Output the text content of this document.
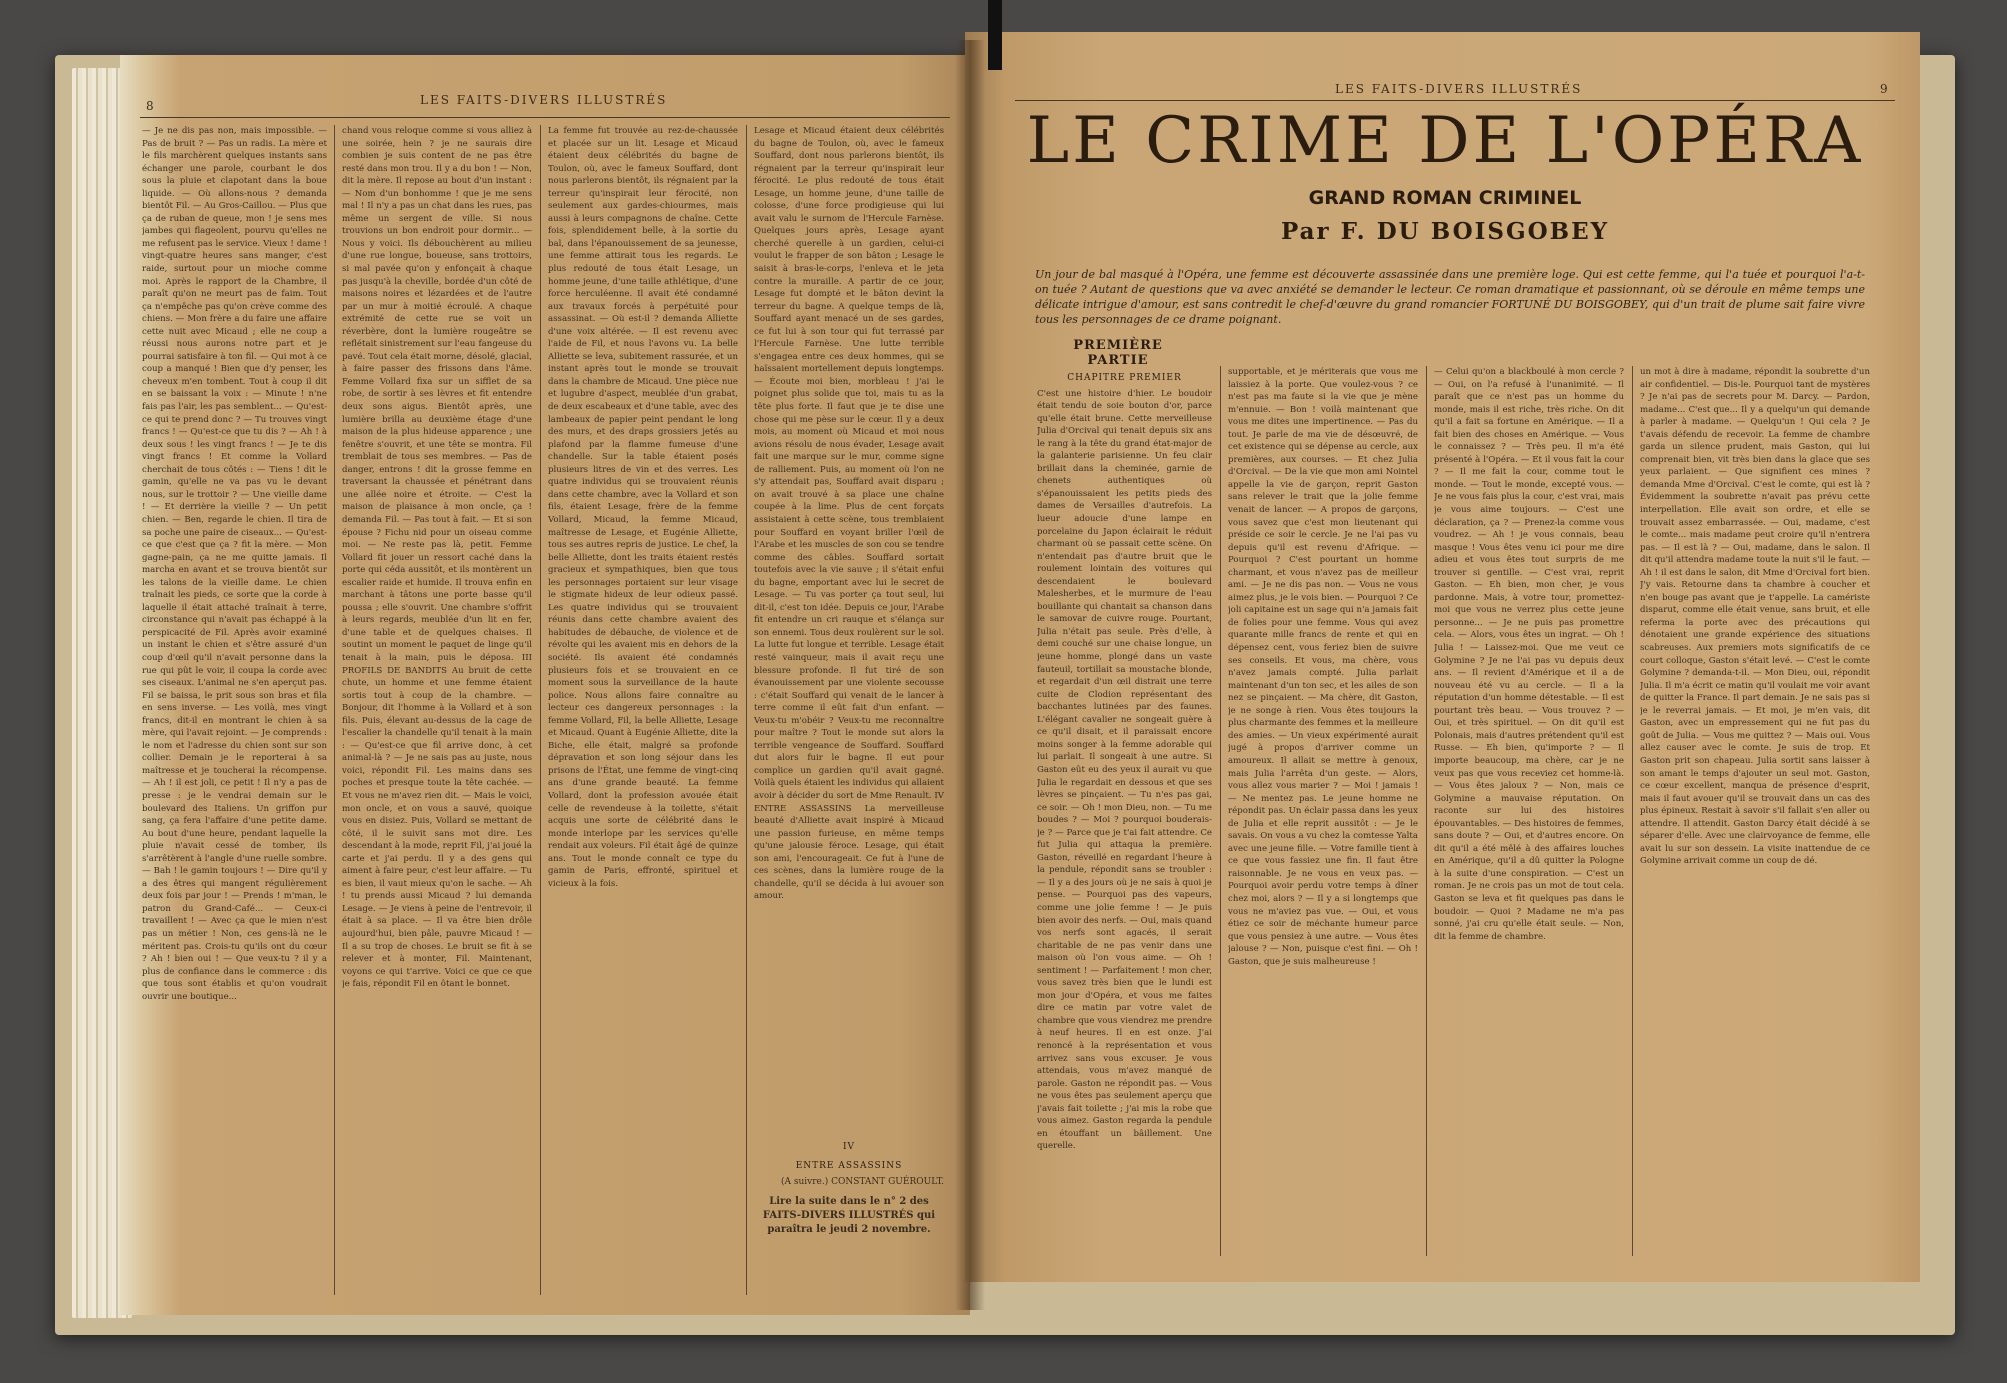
LES FAITS-DIVERS ILLUSTRÉS
8

— Je ne dis pas non, mais impossible. — Pas de bruit ? — Pas un radis. La mère et le fils marchèrent quelques instants sans échanger une parole, courbant le dos sous la pluie et clapotant dans la boue liquide. — Où allons-nous ? demanda bientôt Fil. — Au Gros-Caillou. — Plus que ça de ruban de queue, mon ! je sens mes jambes qui flageolent, pourvu qu'elles ne me refusent pas le service. Vieux ! dame ! vingt-quatre heures sans manger, c'est raide, surtout pour un mioche comme moi. Après le rapport de la Chambre, il paraît qu'on ne meurt pas de faim. Tout ça n'empêche pas qu'on crève comme des chiens. — Mon frère a du faire une affaire cette nuit avec Micaud ; elle ne coup a réussi nous aurons notre part et je pourrai satisfaire à ton fil. — Qui mot à ce coup a manqué ! Bien que d'y penser, les cheveux m'en tombent. Tout à coup il dit en se baissant la voix : — Minute ! n'ne fais pas l'air, les pas semblent... — Qu'est-ce qui te prend donc ? — Tu trouves vingt francs ! — Qu'est-ce que tu dis ? — Ah ! à deux sous ! les vingt francs ! — Je te dis vingt francs ! Et comme la Vollard cherchait de tous côtés : — Tiens ! dit le gamin, qu'elle ne va pas vu le devant nous, sur le trottoir ? — Une vieille dame ! — Et derrière la vieille ? — Un petit chien. — Ben, regarde le chien. Il tira de sa poche une paire de ciseaux... — Qu'est-ce que c'est que ça ? fit la mère. — Mon gagne-pain, ça ne me quitte jamais. Il marcha en avant et se trouva bientôt sur les talons de la vieille dame. Le chien traînait les pieds, ce sorte que la corde à laquelle il était attaché traînait à terre, circonstance qui n'avait pas échappé à la perspicacité de Fil. Après avoir examiné un instant le chien et s'être assuré d'un coup d'œil qu'il n'avait personne dans la rue qui pût le voir, il coupa la corde avec ses ciseaux. L'animal ne s'en aperçut pas. Fil se baissa, le prit sous son bras et fila en sens inverse. — Les voilà, mes vingt francs, dit-il en montrant le chien à sa mère, qui l'avait rejoint. — Je comprends : le nom et l'adresse du chien sont sur son collier. Demain je le reporterai à sa maîtresse et je toucherai la récompense. — Ah ! il est joli, ce petit ! Il n'y a pas de presse : je le vendrai demain sur le boulevard des Italiens. Un griffon pur sang, ça fera l'affaire d'une petite dame. Au bout d'une heure, pendant laquelle la pluie n'avait cessé de tomber, ils s'arrêtèrent à l'angle d'une ruelle sombre. — Bah ! le gamin toujours ! — Dire qu'il y a des êtres qui mangent régulièrement deux fois par jour ! — Prends ! m'man, le patron du Grand-Café... — Ceux-ci travaillent ! — Avec ça que le mien n'est pas un métier ! Non, ces gens-là ne le méritent pas. Crois-tu qu'ils ont du cœur ? Ah ! bien oui ! — Que veux-tu ? il y a plus de confiance dans le commerce : dis que tous sont établis et qu'on voudrait ouvrir une boutique...

chand vous reloque comme si vous alliez à une soirée, hein ? je ne saurais dire combien je suis content de ne pas être resté dans mon trou. Il y a du bon ! — Non, dit la mère. Il repose au bout d'un instant : — Nom d'un bonhomme ! que je me sens mal ! Il n'y a pas un chat dans les rues, pas même un sergent de ville. Si nous trouvions un bon endroit pour dormir... — Nous y voici. Ils débouchèrent au milieu d'une rue longue, boueuse, sans trottoirs, si mal pavée qu'on y enfonçait à chaque pas jusqu'à la cheville, bordée d'un côté de maisons noires et lézardées et de l'autre par un mur à moitié écroulé. A chaque extrémité de cette rue se voit un réverbère, dont la lumière rougeâtre se reflétait sinistrement sur l'eau fangeuse du pavé. Tout cela était morne, désolé, glacial, à faire passer des frissons dans l'âme. Femme Vollard fixa sur un sifflet de sa robe, de sortir à ses lèvres et fit entendre deux sons aigus. Bientôt après, une lumière brilla au deuxième étage d'une maison de la plus hideuse apparence ; une fenêtre s'ouvrit, et une tête se montra. Fil tremblait de tous ses membres. — Pas de danger, entrons ! dit la grosse femme en traversant la chaussée et pénétrant dans une allée noire et étroite. — C'est la maison de plaisance à mon oncle, ça ! demanda Fil. — Pas tout à fait. — Et si son épouse ? Fichu nid pour un oiseau comme moi. — Ne reste pas là, petit. Femme Vollard fit jouer un ressort caché dans la porte qui céda aussitôt, et ils montèrent un escalier raide et humide. Il trouva enfin en marchant à tâtons une porte basse qu'il poussa ; elle s'ouvrit. Une chambre s'offrit à leurs regards, meublée d'un lit en fer, d'une table et de quelques chaises. Il soutint un moment le paquet de linge qu'il tenait à la main, puis le déposa. III PROFILS DE BANDITS Au bruit de cette chute, un homme et une femme étaient sortis tout à coup de la chambre. — Bonjour, dit l'homme à la Vollard et à son fils. Puis, élevant au-dessus de la cage de l'escalier la chandelle qu'il tenait à la main : — Qu'est-ce que fil arrive donc, à cet animal-là ? — Je ne sais pas au juste, nous voici, répondit Fil. Les mains dans ses poches et presque toute la tête cachée. — Et vous ne m'avez rien dit. — Mais le voici, mon oncle, et on vous a sauvé, quoique vous en disiez. Puis, Vollard se mettant de côté, il le suivit sans mot dire. Les descendant à la mode, reprit Fil, j'ai joué la carte et j'ai perdu. Il y a des gens qui aiment à faire peur, c'est leur affaire. — Tu es bien, il vaut mieux qu'on le sache. — Ah ! tu prends aussi Micaud ? lui demanda Lesage. — Je viens à peine de l'entrevoir, il était à sa place. — Il va être bien drôle aujourd'hui, bien pâle, pauvre Micaud ! — Il a su trop de choses. Le bruit se fit à se relever et à monter, Fil. Maintenant, voyons ce qui t'arrive. Voici ce que ce que je fais, répondit Fil en ôtant le bonnet.

La femme fut trouvée au rez-de-chaussée et placée sur un lit. Lesage et Micaud étaient deux célébrités du bagne de Toulon, où, avec le fameux Souffard, dont nous parlerons bientôt, ils régnaient par la terreur qu'inspirait leur férocité, non seulement aux gardes-chiourmes, mais aussi à leurs compagnons de chaîne. Cette fois, splendidement belle, à la sortie du bal, dans l'épanouissement de sa jeunesse, une femme attirait tous les regards. Le plus redouté de tous était Lesage, un homme jeune, d'une taille athlétique, d'une force herculéenne. Il avait été condamné aux travaux forcés à perpétuité pour assassinat. — Où est-il ? demanda Alliette d'une voix altérée. — Il est revenu avec l'aide de Fil, et nous l'avons vu. La belle Alliette se leva, subitement rassurée, et un instant après tout le monde se trouvait dans la chambre de Micaud. Une pièce nue et lugubre d'aspect, meublée d'un grabat, de deux escabeaux et d'une table, avec des lambeaux de papier peint pendant le long des murs, et des draps grossiers jetés au plafond par la flamme fumeuse d'une chandelle. Sur la table étaient posés plusieurs litres de vin et des verres. Les quatre individus qui se trouvaient réunis dans cette chambre, avec la Vollard et son fils, étaient Lesage, frère de la femme Vollard, Micaud, la femme Micaud, maîtresse de Lesage, et Eugénie Alliette, tous ses autres repris de justice. Le chef, la belle Alliette, dont les traits étaient restés gracieux et sympathiques, bien que tous les personnages portaient sur leur visage le stigmate hideux de leur odieux passé. Les quatre individus qui se trouvaient réunis dans cette chambre avaient des habitudes de débauche, de violence et de révolte qui les avaient mis en dehors de la société. Ils avaient été condamnés plusieurs fois et se trouvaient en ce moment sous la surveillance de la haute police. Nous allons faire connaître au lecteur ces dangereux personnages : la femme Vollard, Fil, la belle Alliette, Lesage et Micaud. Quant à Eugénie Alliette, dite la Biche, elle était, malgré sa profonde dépravation et son long séjour dans les prisons de l'État, une femme de vingt-cinq ans d'une grande beauté. La femme Vollard, dont la profession avouée était celle de revendeuse à la toilette, s'était acquis une sorte de célébrité dans le monde interlope par les services qu'elle rendait aux voleurs. Fil était âgé de quinze ans. Tout le monde connaît ce type du gamin de Paris, effronté, spirituel et vicieux à la fois.

Lesage et Micaud étaient deux célébrités du bagne de Toulon, où, avec le fameux Souffard, dont nous parlerons bientôt, ils régnaient par la terreur qu'inspirait leur férocité. Le plus redouté de tous était Lesage, un homme jeune, d'une taille de colosse, d'une force prodigieuse qui lui avait valu le surnom de l'Hercule Farnèse. Quelques jours après, Lesage ayant cherché querelle à un gardien, celui-ci voulut le frapper de son bâton ; Lesage le saisit à bras-le-corps, l'enleva et le jeta contre la muraille. A partir de ce jour, Lesage fut dompté et le bâton devint la terreur du bagne. A quelque temps de là, Souffard ayant menacé un de ses gardes, ce fut lui à son tour qui fut terrassé par l'Hercule Farnèse. Une lutte terrible s'engagea entre ces deux hommes, qui se haïssaient mortellement depuis longtemps. — Écoute moi bien, morbleau ! j'ai le poignet plus solide que toi, mais tu as la tête plus forte. Il faut que je te dise une chose qui me pèse sur le cœur. Il y a deux mois, au moment où Micaud et moi nous avions résolu de nous évader, Lesage avait fait une marque sur le mur, comme signe de ralliement. Puis, au moment où l'on ne s'y attendait pas, Souffard avait disparu ; on avait trouvé à sa place une chaîne coupée à la lime. Plus de cent forçats assistaient à cette scène, tous tremblaient pour Souffard en voyant briller l'œil de l'Arabe et les muscles de son cou se tendre comme des câbles. Souffard sortait toutefois avec la vie sauve ; il s'était enfui du bagne, emportant avec lui le secret de Lesage. — Tu vas porter ça tout seul, lui dit-il, c'est ton idée. Depuis ce jour, l'Arabe fit entendre un cri rauque et s'élança sur son ennemi. Tous deux roulèrent sur le sol. La lutte fut longue et terrible. Lesage était resté vainqueur, mais il avait reçu une blessure profonde. Il fut tiré de son évanouissement par une violente secousse : c'était Souffard qui venait de le lancer à terre comme il eût fait d'un enfant. — Veux-tu m'obéir ? Veux-tu me reconnaître pour maître ? Tout le monde sut alors la terrible vengeance de Souffard. Souffard dut alors fuir le bagne. Il eut pour complice un gardien qu'il avait gagné. Voilà quels étaient les individus qui allaient avoir à décider du sort de Mme Renault. IV ENTRE ASSASSINS La merveilleuse beauté d'Alliette avait inspiré à Micaud une passion furieuse, en même temps qu'une jalousie féroce. Lesage, qui était son ami, l'encourageait. Ce fut à l'une de ces scènes, dans la lumière rouge de la chandelle, qu'il se décida à lui avouer son amour.

IV
ENTRE ASSASSINS
(A suivre.) CONSTANT GUÉROULT.
Lire la suite dans le n° 2 des FAITS-DIVERS ILLUSTRÉS qui paraîtra le jeudi 2 novembre.
LES FAITS-DIVERS ILLUSTRÉS	9
LE CRIME DE L'OPÉRA
GRAND ROMAN CRIMINEL
Par F. DU BOISGOBEY
Un jour de bal masqué à l'Opéra, une femme est découverte assassinée dans une première loge. Qui est cette femme, qui l'a tuée et pourquoi l'a-t-on tuée ? Autant de questions que va avec anxiété se demander le lecteur. Ce roman dramatique et passionnant, où se déroule en même temps une délicate intrigue d'amour, est sans contredit le chef-d'œuvre du grand romancier FORTUNÉ DU BOISGOBEY, qui d'un trait de plume sait faire vivre tous les personnages de ce drame poignant.
PREMIÈRE PARTIE
CHAPITRE PREMIER

C'est une histoire d'hier. Le boudoir était tendu de soie bouton d'or, parce qu'elle était brune. Cette merveilleuse Julia d'Orcival qui tenait depuis six ans le rang à la tête du grand état-major de la galanterie parisienne. Un feu clair brillait dans la cheminée, garnie de chenets authentiques où s'épanouissaient les petits pieds des dames de Versailles d'autrefois. La lueur adoucie d'une lampe en porcelaine du Japon éclairait le réduit charmant où se passait cette scène. On n'entendait pas d'autre bruit que le roulement lointain des voitures qui descendaient le boulevard Malesherbes, et le murmure de l'eau bouillante qui chantait sa chanson dans le samovar de cuivre rouge. Pourtant, Julia n'était pas seule. Près d'elle, à demi couché sur une chaise longue, un jeune homme, plongé dans un vaste fauteuil, tortillait sa moustache blonde, et regardait d'un œil distrait une terre cuite de Clodion représentant des bacchantes lutinées par des faunes. L'élégant cavalier ne songeait guère à ce qu'il disait, et il paraissait encore moins songer à la femme adorable qui lui parlait. Il songeait à une autre. Si Gaston eût eu des yeux il aurait vu que Julia le regardait en dessous et que ses lèvres se pinçaient. — Tu n'es pas gai, ce soir. — Oh ! mon Dieu, non. — Tu me boudes ? — Moi ? pourquoi bouderais-je ? — Parce que je t'ai fait attendre. Ce fut Julia qui attaqua la première. Gaston, réveillé en regardant l'heure à la pendule, répondit sans se troubler : — Il y a des jours où je ne sais à quoi je pense. — Pourquoi pas des vapeurs, comme une jolie femme ! — Je puis bien avoir des nerfs. — Oui, mais quand vos nerfs sont agacés, il serait charitable de ne pas venir dans une maison où l'on vous aime. — Oh ! sentiment ! — Parfaitement ! mon cher, vous savez très bien que le lundi est mon jour d'Opéra, et vous me faites dire ce matin par votre valet de chambre que vous viendrez me prendre à neuf heures. Il en est onze. J'ai renoncé à la représentation et vous arrivez sans vous excuser. Je vous attendais, vous m'avez manqué de parole. Gaston ne répondit pas. — Vous ne vous êtes pas seulement aperçu que j'avais fait toilette ; j'ai mis la robe que vous aimez. Gaston regarda la pendule en étouffant un bâillement. Une querelle.

supportable, et je mériterais que vous me laissiez à la porte. Que voulez-vous ? ce n'est pas ma faute si la vie que je mène m'ennuie. — Bon ! voilà maintenant que vous me dites une impertinence. — Pas du tout. Je parle de ma vie de désœuvré, de cet existence qui se dépense au cercle, aux premières, aux courses. — Et chez Julia d'Orcival. — De la vie que mon ami Nointel appelle la vie de garçon, reprit Gaston sans relever le trait que la jolie femme venait de lancer. — A propos de garçons, vous savez que c'est mon lieutenant qui préside ce soir le cercle. Je ne l'ai pas vu depuis qu'il est revenu d'Afrique. — Pourquoi ? C'est pourtant un homme charmant, et vous n'avez pas de meilleur ami. — Je ne dis pas non. — Vous ne vous aimez plus, je le vois bien. — Pourquoi ? Ce joli capitaine est un sage qui n'a jamais fait de folies pour une femme. Vous qui avez quarante mille francs de rente et qui en dépensez cent, vous feriez bien de suivre ses conseils. Et vous, ma chère, vous n'avez jamais compté. Julia parlait maintenant d'un ton sec, et les ailes de son nez se pinçaient. — Ma chère, dit Gaston, je ne songe à rien. Vous êtes toujours la plus charmante des femmes et la meilleure des amies. — Un vieux expérimenté aurait jugé à propos d'arriver comme un amoureux. Il allait se mettre à genoux, mais Julia l'arrêta d'un geste. — Alors, vous allez vous marier ? — Moi ! jamais ! — Ne mentez pas. Le jeune homme ne répondit pas. Un éclair passa dans les yeux de Julia et elle reprit aussitôt : — Je le savais. On vous a vu chez la comtesse Yalta avec une jeune fille. — Votre famille tient à ce que vous fassiez une fin. Il faut être raisonnable. Je ne vous en veux pas. — Pourquoi avoir perdu votre temps à dîner chez moi, alors ? — Il y a si longtemps que vous ne m'aviez pas vue. — Oui, et vous étiez ce soir de méchante humeur parce que vous pensiez à une autre. — Vous êtes jalouse ? — Non, puisque c'est fini. — Oh ! Gaston, que je suis malheureuse !

— Celui qu'on a blackboulé à mon cercle ? — Oui, on l'a refusé à l'unanimité. — Il paraît que ce n'est pas un homme du monde, mais il est riche, très riche. On dit qu'il a fait sa fortune en Amérique. — Il a fait bien des choses en Amérique. — Vous le connaissez ? — Très peu. Il m'a été présenté à l'Opéra. — Et il vous fait la cour ? — Il me fait la cour, comme tout le monde. — Tout le monde, excepté vous. — Je ne vous fais plus la cour, c'est vrai, mais je vous aime toujours. — C'est une déclaration, ça ? — Prenez-la comme vous voudrez. — Ah ! je vous connais, beau masque ! Vous êtes venu ici pour me dire adieu et vous êtes tout surpris de me trouver si gentille. — C'est vrai, reprit Gaston. — Eh bien, mon cher, je vous pardonne. Mais, à votre tour, promettez-moi que vous ne verrez plus cette jeune personne... — Je ne puis pas promettre cela. — Alors, vous êtes un ingrat. — Oh ! Julia ! — Laissez-moi. Que me veut ce Golymine ? Je ne l'ai pas vu depuis deux ans. — Il revient d'Amérique et il a de nouveau été vu au cercle. — Il a la réputation d'un homme détestable. — Il est pourtant très beau. — Vous trouvez ? — Oui, et très spirituel. — On dit qu'il est Polonais, mais d'autres prétendent qu'il est Russe. — Eh bien, qu'importe ? — Il importe beaucoup, ma chère, car je ne veux pas que vous receviez cet homme-là. — Vous êtes jaloux ? — Non, mais ce Golymine a mauvaise réputation. On raconte sur lui des histoires épouvantables. — Des histoires de femmes, sans doute ? — Oui, et d'autres encore. On dit qu'il a été mêlé à des affaires louches en Amérique, qu'il a dû quitter la Pologne à la suite d'une conspiration. — C'est un roman. Je ne crois pas un mot de tout cela. Gaston se leva et fit quelques pas dans le boudoir. — Quoi ? Madame ne m'a pas sonné, j'ai cru qu'elle était seule. — Non, dit la femme de chambre.

un mot à dire à madame, répondit la soubrette d'un air confidentiel. — Dis-le. Pourquoi tant de mystères ? Je n'ai pas de secrets pour M. Darcy. — Pardon, madame... C'est que... Il y a quelqu'un qui demande à parler à madame. — Quelqu'un ! Qui cela ? Je t'avais défendu de recevoir. La femme de chambre garda un silence prudent, mais Gaston, qui lui comprenait bien, vit très bien dans la glace que ses yeux parlaient. — Que signifient ces mines ? demanda Mme d'Orcival. C'est le comte, qui est là ? Évidemment la soubrette n'avait pas prévu cette interpellation. Elle avait son ordre, et elle se trouvait assez embarrassée. — Oui, madame, c'est le comte... mais madame peut croire qu'il n'entrera pas. — Il est là ? — Oui, madame, dans le salon. Il dit qu'il attendra madame toute la nuit s'il le faut. — Ah ! il est dans le salon, dit Mme d'Orcival fort bien. J'y vais. Retourne dans ta chambre à coucher et n'en bouge pas avant que je t'appelle. La camériste disparut, comme elle était venue, sans bruit, et elle referma la porte avec des précautions qui dénotaient une grande expérience des situations scabreuses. Aux premiers mots significatifs de ce court colloque, Gaston s'était levé. — C'est le comte Golymine ? demanda-t-il. — Mon Dieu, oui, répondit Julia. Il m'a écrit ce matin qu'il voulait me voir avant de quitter la France. Il part demain. Je ne sais pas si je le reverrai jamais. — Et moi, je m'en vais, dit Gaston, avec un empressement qui ne fut pas du goût de Julia. — Vous me quittez ? — Mais oui. Vous allez causer avec le comte. Je suis de trop. Et Gaston prit son chapeau. Julia sortit sans laisser à son amant le temps d'ajouter un seul mot. Gaston, ce cœur excellent, manqua de présence d'esprit, mais il faut avouer qu'il se trouvait dans un cas des plus épineux. Restait à savoir s'il fallait s'en aller ou attendre. Il attendit. Gaston Darcy était décidé à se séparer d'elle. Avec une clairvoyance de femme, elle avait lu sur son dessein. La visite inattendue de ce Golymine arrivait comme un coup de dé.
